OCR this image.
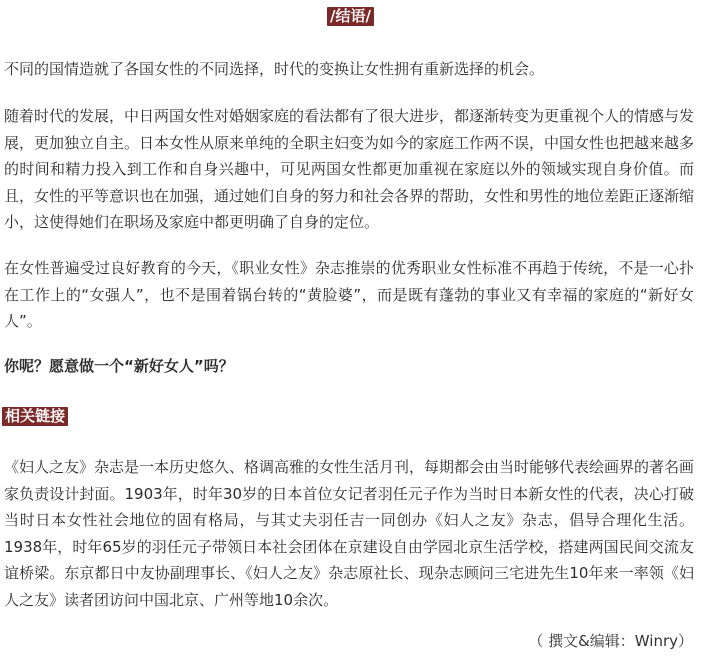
/结语/

不同的国情造就了各国女性的不同选择，时代的变换让女性拥有重新选择的机会。

随着时代的发展，中日两国女性对婚姻家庭的看法都有了很大进步，都逐渐转变为更重视个人的情感与发展，更加独立自主。日本女性从原来单纯的全职主妇变为如今的家庭工作两不误，中国女性也把越来越多的时间和精力投入到工作和自身兴趣中，可见两国女性都更加重视在家庭以外的领域实现自身价值。而且，女性的平等意识也在加强，通过她们自身的努力和社会各界的帮助，女性和男性的地位差距正逐渐缩小，这使得她们在职场及家庭中都更明确了自身的定位。

在女性普遍受过良好教育的今天，《职业女性》杂志推崇的优秀职业女性标准不再趋于传统，不是一心扑在工作上的“女强人”，也不是围着锅台转的“黄脸婆”，而是既有蓬勃的事业又有幸福的家庭的“新好女人”。

你呢？愿意做一个“新好女人”吗？

相关链接

《妇人之友》杂志是一本历史悠久、格调高雅的女性生活月刊，每期都会由当时能够代表绘画界的著名画家负责设计封面。1903年，时年30岁的日本首位女记者羽任元子作为当时日本新女性的代表，决心打破当时日本女性社会地位的固有格局，与其丈夫羽任吉一同创办《妇人之友》杂志，倡导合理化生活。1938年，时年65岁的羽任元子带领日本社会团体在京建设自由学园北京生活学校，搭建两国民间交流友谊桥梁。东京都日中友协副理事长、《妇人之友》杂志原社长、现杂志顾问三宅进先生10年来一率领《妇人之友》读者团访问中国北京、广州等地10余次。

（ 撰文&编辑：Winry）
